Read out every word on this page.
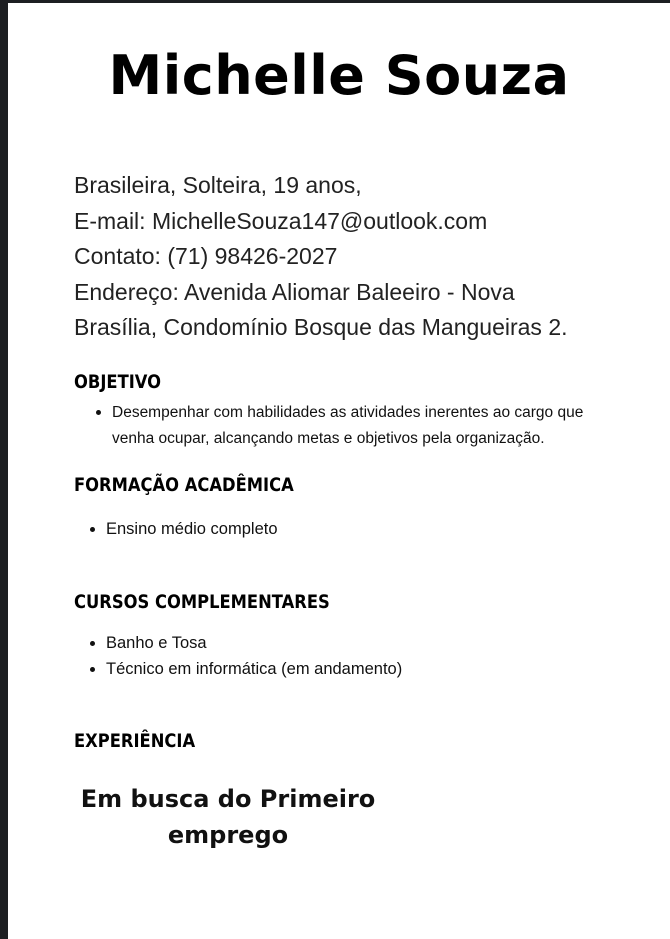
Michelle Souza
Brasileira, Solteira, 19 anos,
E-mail: MichelleSouza147@outlook.com
Contato: (71) 98426-2027
Endereço: Avenida Aliomar Baleeiro - Nova
Brasília, Condomínio Bosque das Mangueiras 2.
OBJETIVO
Desempenhar com habilidades as atividades inerentes ao cargo que venha ocupar, alcançando metas e objetivos pela organização.
FORMAÇÃO ACADÊMICA
Ensino médio completo
CURSOS COMPLEMENTARES
Banho e Tosa
Técnico em informática (em andamento)
EXPERIÊNCIA
Em busca do Primeiro
emprego
